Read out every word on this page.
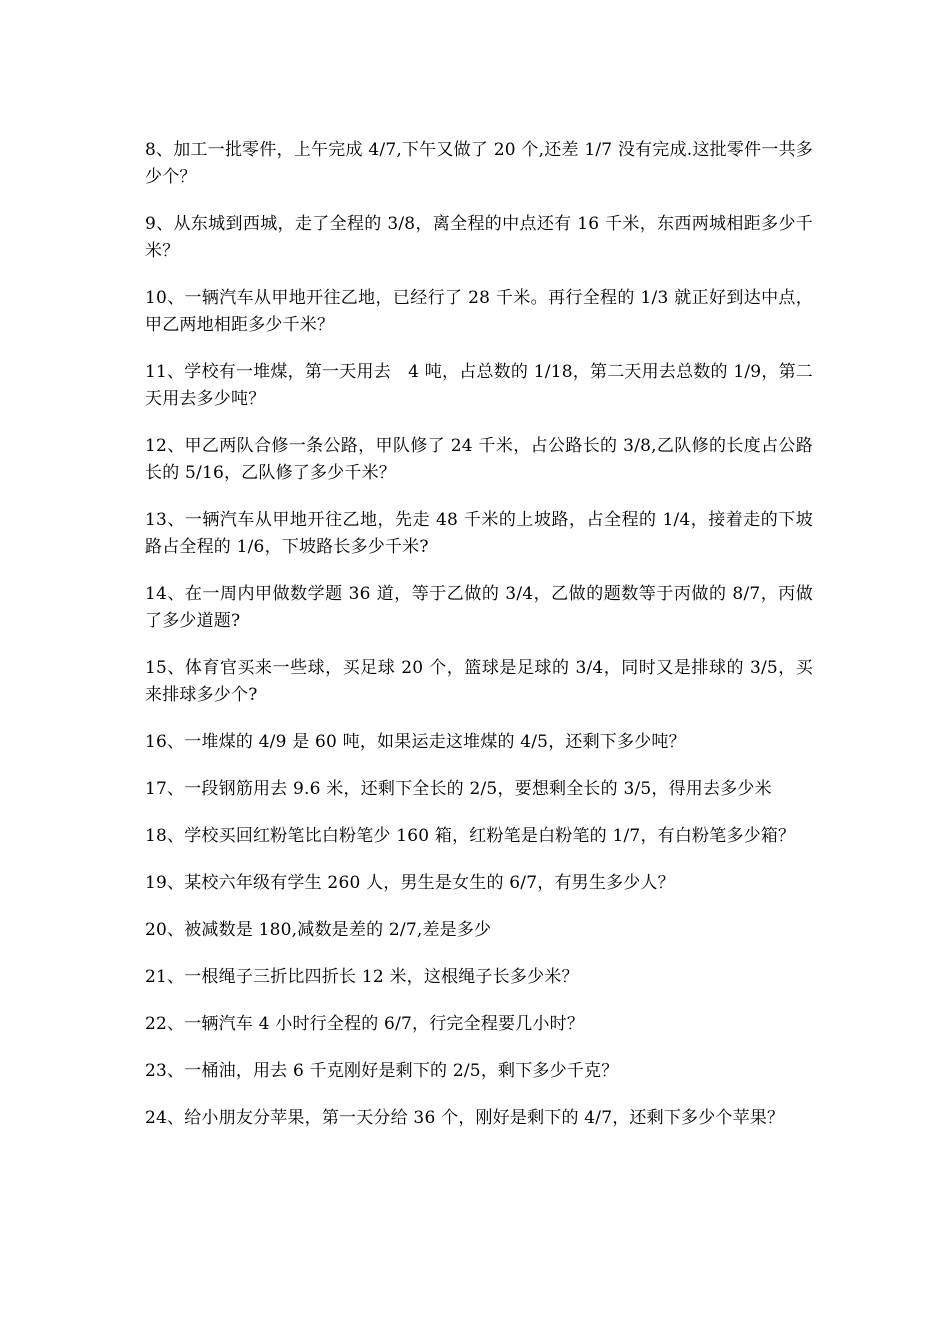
8、加工一批零件，上午完成 4/7,下午又做了 20 个,还差 1/7 没有完成.这批零件一共多少个？

9、从东城到西城，走了全程的 3/8，离全程的中点还有 16 千米，东西两城相距多少千米？

10、一辆汽车从甲地开往乙地，已经行了 28 千米。再行全程的 1/3 就正好到达中点，甲乙两地相距多少千米？

11、学校有一堆煤，第一天用去　4 吨，占总数的 1/18，第二天用去总数的 1/9，第二天用去多少吨？

12、甲乙两队合修一条公路，甲队修了 24 千米，占公路长的 3/8,乙队修的长度占公路长的 5/16，乙队修了多少千米？

13、一辆汽车从甲地开往乙地，先走 48 千米的上坡路，占全程的 1/4，接着走的下坡路占全程的 1/6，下坡路长多少千米?

14、在一周内甲做数学题 36 道，等于乙做的 3/4，乙做的题数等于丙做的 8/7，丙做了多少道题?

15、体育官买来一些球，买足球 20 个，篮球是足球的 3/4，同时又是排球的 3/5，买来排球多少个?

16、一堆煤的 4/9 是 60 吨，如果运走这堆煤的 4/5，还剩下多少吨？

17、一段钢筋用去 9.6 米，还剩下全长的 2/5，要想剩全长的 3/5，得用去多少米

18、学校买回红粉笔比白粉笔少 160 箱，红粉笔是白粉笔的 1/7，有白粉笔多少箱？

19、某校六年级有学生 260 人，男生是女生的 6/7，有男生多少人？

20、被减数是 180,减数是差的 2/7,差是多少

21、一根绳子三折比四折长 12 米，这根绳子长多少米？

22、一辆汽车 4 小时行全程的 6/7，行完全程要几小时？

23、一桶油，用去 6 千克刚好是剩下的 2/5，剩下多少千克？

24、给小朋友分苹果，第一天分给 36 个，刚好是剩下的 4/7，还剩下多少个苹果？
